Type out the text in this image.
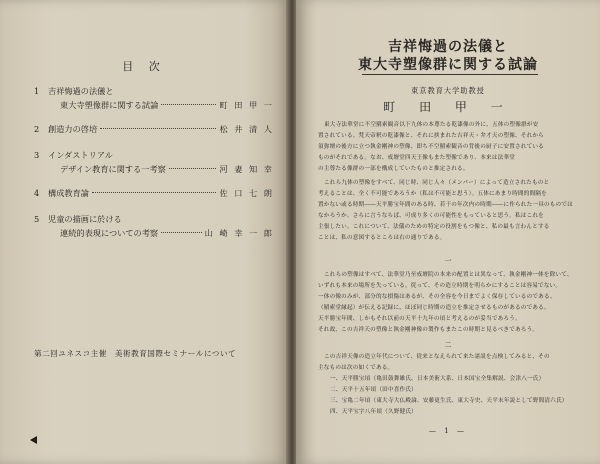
目 次
1	吉祥悔過の法儀と
東大寺塑像群に関する試論	町 田 甲 一
2	創造力の啓培	松 井 清 人
3	インダストリアル
デザイン教育に関する一考察	河 妻 知 幸
4	構成教育論	佐 口 七 朗
5	児童の描画に於ける
連続的表現についての考察	山 崎 幸 一 郎
第二回ユネスコ主催　美術教育国際セミナールについて
吉祥悔過の法儀と
東大寺塑像群に関する試論
東京教育大学助教授
町 田 甲 一
東大寺法華堂に不空羂索観音以下九体の本尊たる乾漆像の外に、五体の塑像群が安
置されている。梵天帝釈の乾漆像と、それに挟まれた吉祥天・弁才天の塑像、それから
須弥壇の後方に立つ執金剛神の塑像、即ち不空羂索観音の背後の厨子に安置されている
ものがそれである。なお、戒壇堂四天王像もまた塑像であり、本来は法華堂
の主尊たる像群の一部を構成していたものと推定される。
これら九体の塑像をすべて、同じ時、同じ人々（メンバー）によって造立されたものと
考えることは、全く不可能であろうか（私は不可能と思う）。五体にあまり時間的間隔を
置かない或る時期――天平勝宝年間のある時、若干の年次内の時期――に作られた一具のものでは
なかろうか。さらに言うならば、可成り多くの可能性をもっていると思う。私はこれを
主張したい。これについて、法儀のための特定の役割をもつ像と、私の最も言わんとする
ことは、私の意図するところは右の通りである。
一
これらの塑像はすべて、法華堂乃至戒壇院の本来の配置とは異なって、執金剛神一体を除いて、
いずれも本来の場所を失っている。従って、その造立時期を明らかにすることは容易でない。
一体の像のみが、部分的な損傷はあるが、その全容を今日までよく保存しているのである。
（羂索堂縁起）が伝える記録に、ほぼ同じ時期の造立を推定させるものがあるのである。
天平勝宝年間、しかもそれ以前の天平十九年の頃と考えるのが妥当であろう。
それ故、この吉祥天の塑像と執金剛神像の製作もまたこの時期と見るべきであろう。
二
この吉祥天像の造立年代について、従来となえられて来た諸説を点検してみると、その
主なものは次の如くである。
一、天平勝宝頃（亀田鼓舞雄氏、日本美術大系、日本国宝全集解説、会津八一氏）
二、天平十五年頃（田中喜作氏）
三、宝亀二年頃（東大寺大仏殿論、安藤更生氏、東大寺史、天平末年説として野間清六氏）
四、天平宝字八年頃（久野健氏）
— 1 —
